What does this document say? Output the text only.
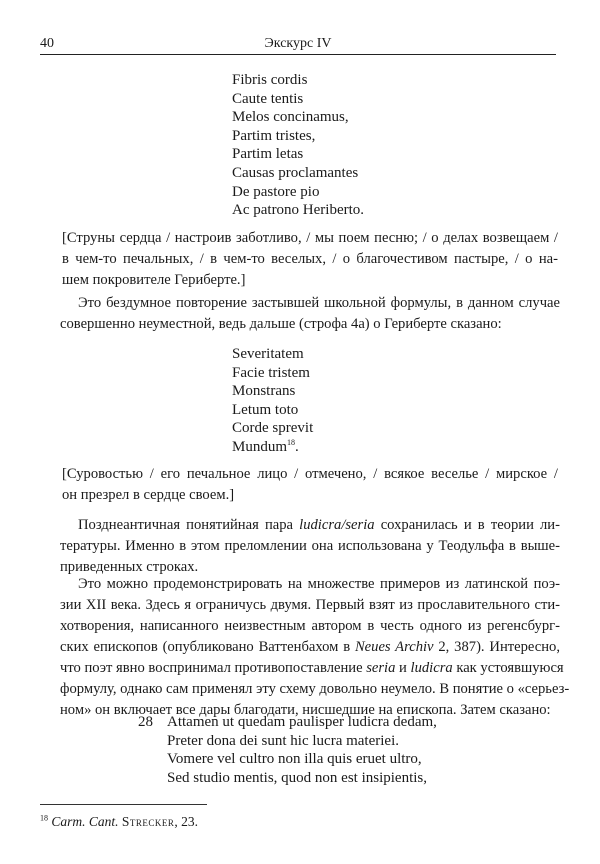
40	Экскурс IV
Fibris cordis
Caute tentis
Melos concinamus,
Partim tristes,
Partim letas
Causas proclamantes
De pastore pio
Ac patrono Heriberto.
[Струны сердца / настроив заботливо, / мы поем песню; / о делах возвещаем /
в чем-то печальных, / в чем-то веселых, / о благочестивом пастыре, / о на-
шем покровителе Гериберте.]
Это бездумное повторение застывшей школьной формулы, в данном случае
совершенно неуместной, ведь дальше (строфа 4а) о Гериберте сказано:
Severitatem
Facie tristem
Monstrans
Letum toto
Corde sprevit
Mundum$^{18}$.
[Суровостью / его печальное лицо / отмечено, / всякое веселье / мирское /
он презрел в сердце своем.]
Позднеантичная понятийная пара ludicra/seria сохранилась и в теории ли-
тературы. Именно в этом преломлении она использована у Теодульфа в выше-
приведенных строках.
Это можно продемонстрировать на множестве примеров из латинской поэ-
зии XII века. Здесь я ограничусь двумя. Первый взят из прославительного сти-
хотворения, написанного неизвестным автором в честь одного из регенсбург-
ских епископов (опубликовано Ваттенбахом в Neues Archiv 2, 387). Интересно,
что поэт явно воспринимал противопоставление seria и ludicra как устоявшуюся
формулу, однако сам применял эту схему довольно неумело. В понятие о «серьез-
ном» он включает все дары благодати, нисшедшие на епископа. Затем сказано:
28 Attamen ut quedam paulisper ludicra dedam,
Preter dona dei sunt hic lucra materiei.
Vomere vel cultro non illa quis eruet ultro,
Sed studio mentis, quod non est insipientis,
$^{18}$ Carm. Cant. Strecker, 23.
